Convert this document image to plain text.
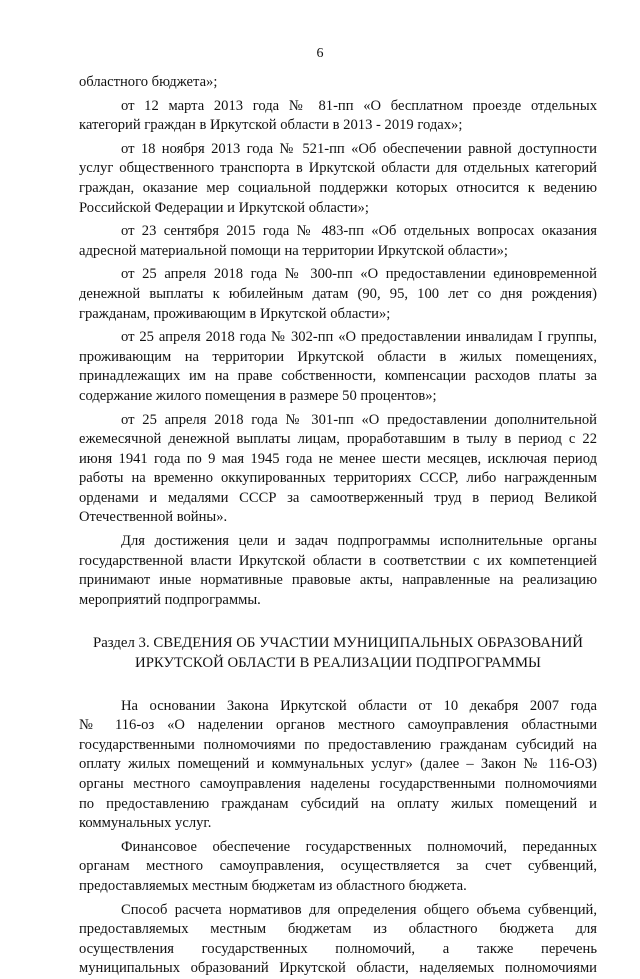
6
областного бюджета»;
от 12 марта 2013 года № 81-пп «О бесплатном проезде отдельных
категорий граждан в Иркутской области в 2013 - 2019 годах»;
от 18 ноября 2013 года № 521-пп «Об обеспечении равной доступности
услуг общественного транспорта в Иркутской области для отдельных категорий
граждан, оказание мер социальной поддержки которых относится к ведению
Российской Федерации и Иркутской области»;
от 23 сентября 2015 года № 483-пп «Об отдельных вопросах оказания
адресной материальной помощи на территории Иркутской области»;
от 25 апреля 2018 года № 300-пп «О предоставлении единовременной
денежной выплаты к юбилейным датам (90, 95, 100 лет со дня рождения)
гражданам, проживающим в Иркутской области»;
от 25 апреля 2018 года № 302-пп «О предоставлении инвалидам I группы,
проживающим на территории Иркутской области в жилых помещениях,
принадлежащих им на праве собственности, компенсации расходов платы за
содержание жилого помещения в размере 50 процентов»;
от 25 апреля 2018 года № 301-пп «О предоставлении дополнительной
ежемесячной денежной выплаты лицам, проработавшим в тылу в период с 22
июня 1941 года по 9 мая 1945 года не менее шести месяцев, исключая период
работы на временно оккупированных территориях СССР, либо награжденным
орденами и медалями СССР за самоотверженный труд в период Великой
Отечественной войны».
Для достижения цели и задач подпрограммы исполнительные органы
государственной власти Иркутской области в соответствии с их компетенцией
принимают иные нормативные правовые акты, направленные на реализацию
мероприятий подпрограммы.
Раздел 3. СВЕДЕНИЯ ОБ УЧАСТИИ МУНИЦИПАЛЬНЫХ ОБРАЗОВАНИЙ
ИРКУТСКОЙ ОБЛАСТИ В РЕАЛИЗАЦИИ ПОДПРОГРАММЫ
На основании Закона Иркутской области от 10 декабря 2007 года
№ 116-оз «О наделении органов местного самоуправления областными
государственными полномочиями по предоставлению гражданам субсидий на
оплату жилых помещений и коммунальных услуг» (далее – Закон № 116-ОЗ)
органы местного самоуправления наделены государственными полномочиями
по предоставлению гражданам субсидий на оплату жилых помещений и
коммунальных услуг.
Финансовое обеспечение государственных полномочий, переданных
органам местного самоуправления, осуществляется за счет субвенций,
предоставляемых местным бюджетам из областного бюджета.
Способ расчета нормативов для определения общего объема субвенций,
предоставляемых местным бюджетам из областного бюджета для
осуществления государственных полномочий, а также перечень
муниципальных образований Иркутской области, наделяемых полномочиями
